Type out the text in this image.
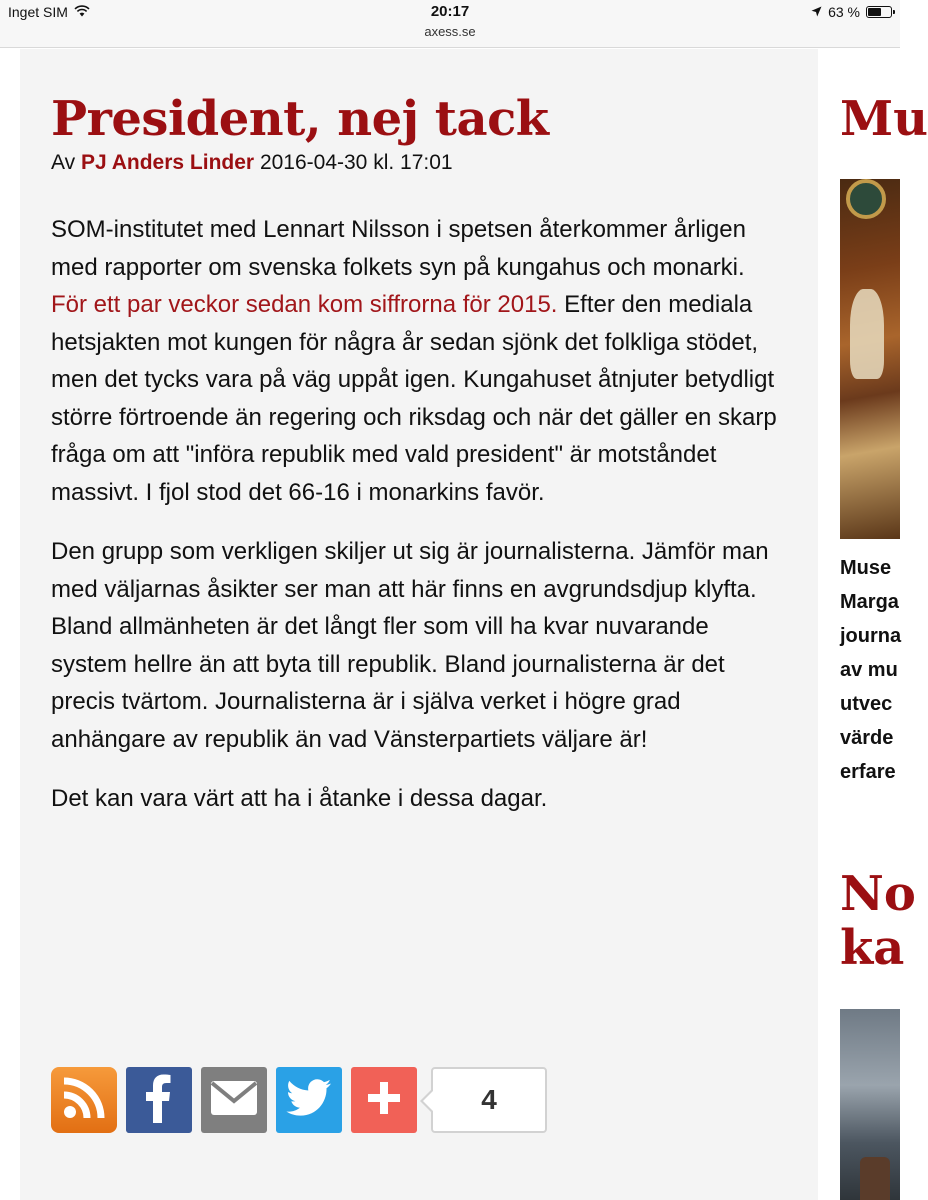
Inget SIM	20:17
axess.se
63 %
President, nej tack
Av PJ Anders Linder 2016-04-30 kl. 17:01

SOM-institutet med Lennart Nilsson i spetsen återkommer årligen med rapporter om svenska folkets syn på kungahus och monarki. För ett par veckor sedan kom siffrorna för 2015. Efter den mediala hetsjakten mot kungen för några år sedan sjönk det folkliga stödet, men det tycks vara på väg uppåt igen. Kungahuset åtnjuter betydligt större förtroende än regering och riksdag och när det gäller en skarp fråga om att "införa republik med vald president" är motståndet massivt. I fjol stod det 66-16 i monarkins favör.

Den grupp som verkligen skiljer ut sig är journalisterna. Jämför man med väljarnas åsikter ser man att här finns en avgrundsdjup klyfta. Bland allmänheten är det långt fler som vill ha kvar nuvarande system hellre än att byta till republik. Bland journalisterna är det precis tvärtom. Journalisterna är i själva verket i högre grad anhängare av republik än vad Vänsterpartiets väljare är!

Det kan vara värt att ha i åtanke i dessa dagar.

4
Mu
Muse
Marga
journa
av mu
utvec
värde
erfare
No
ka
